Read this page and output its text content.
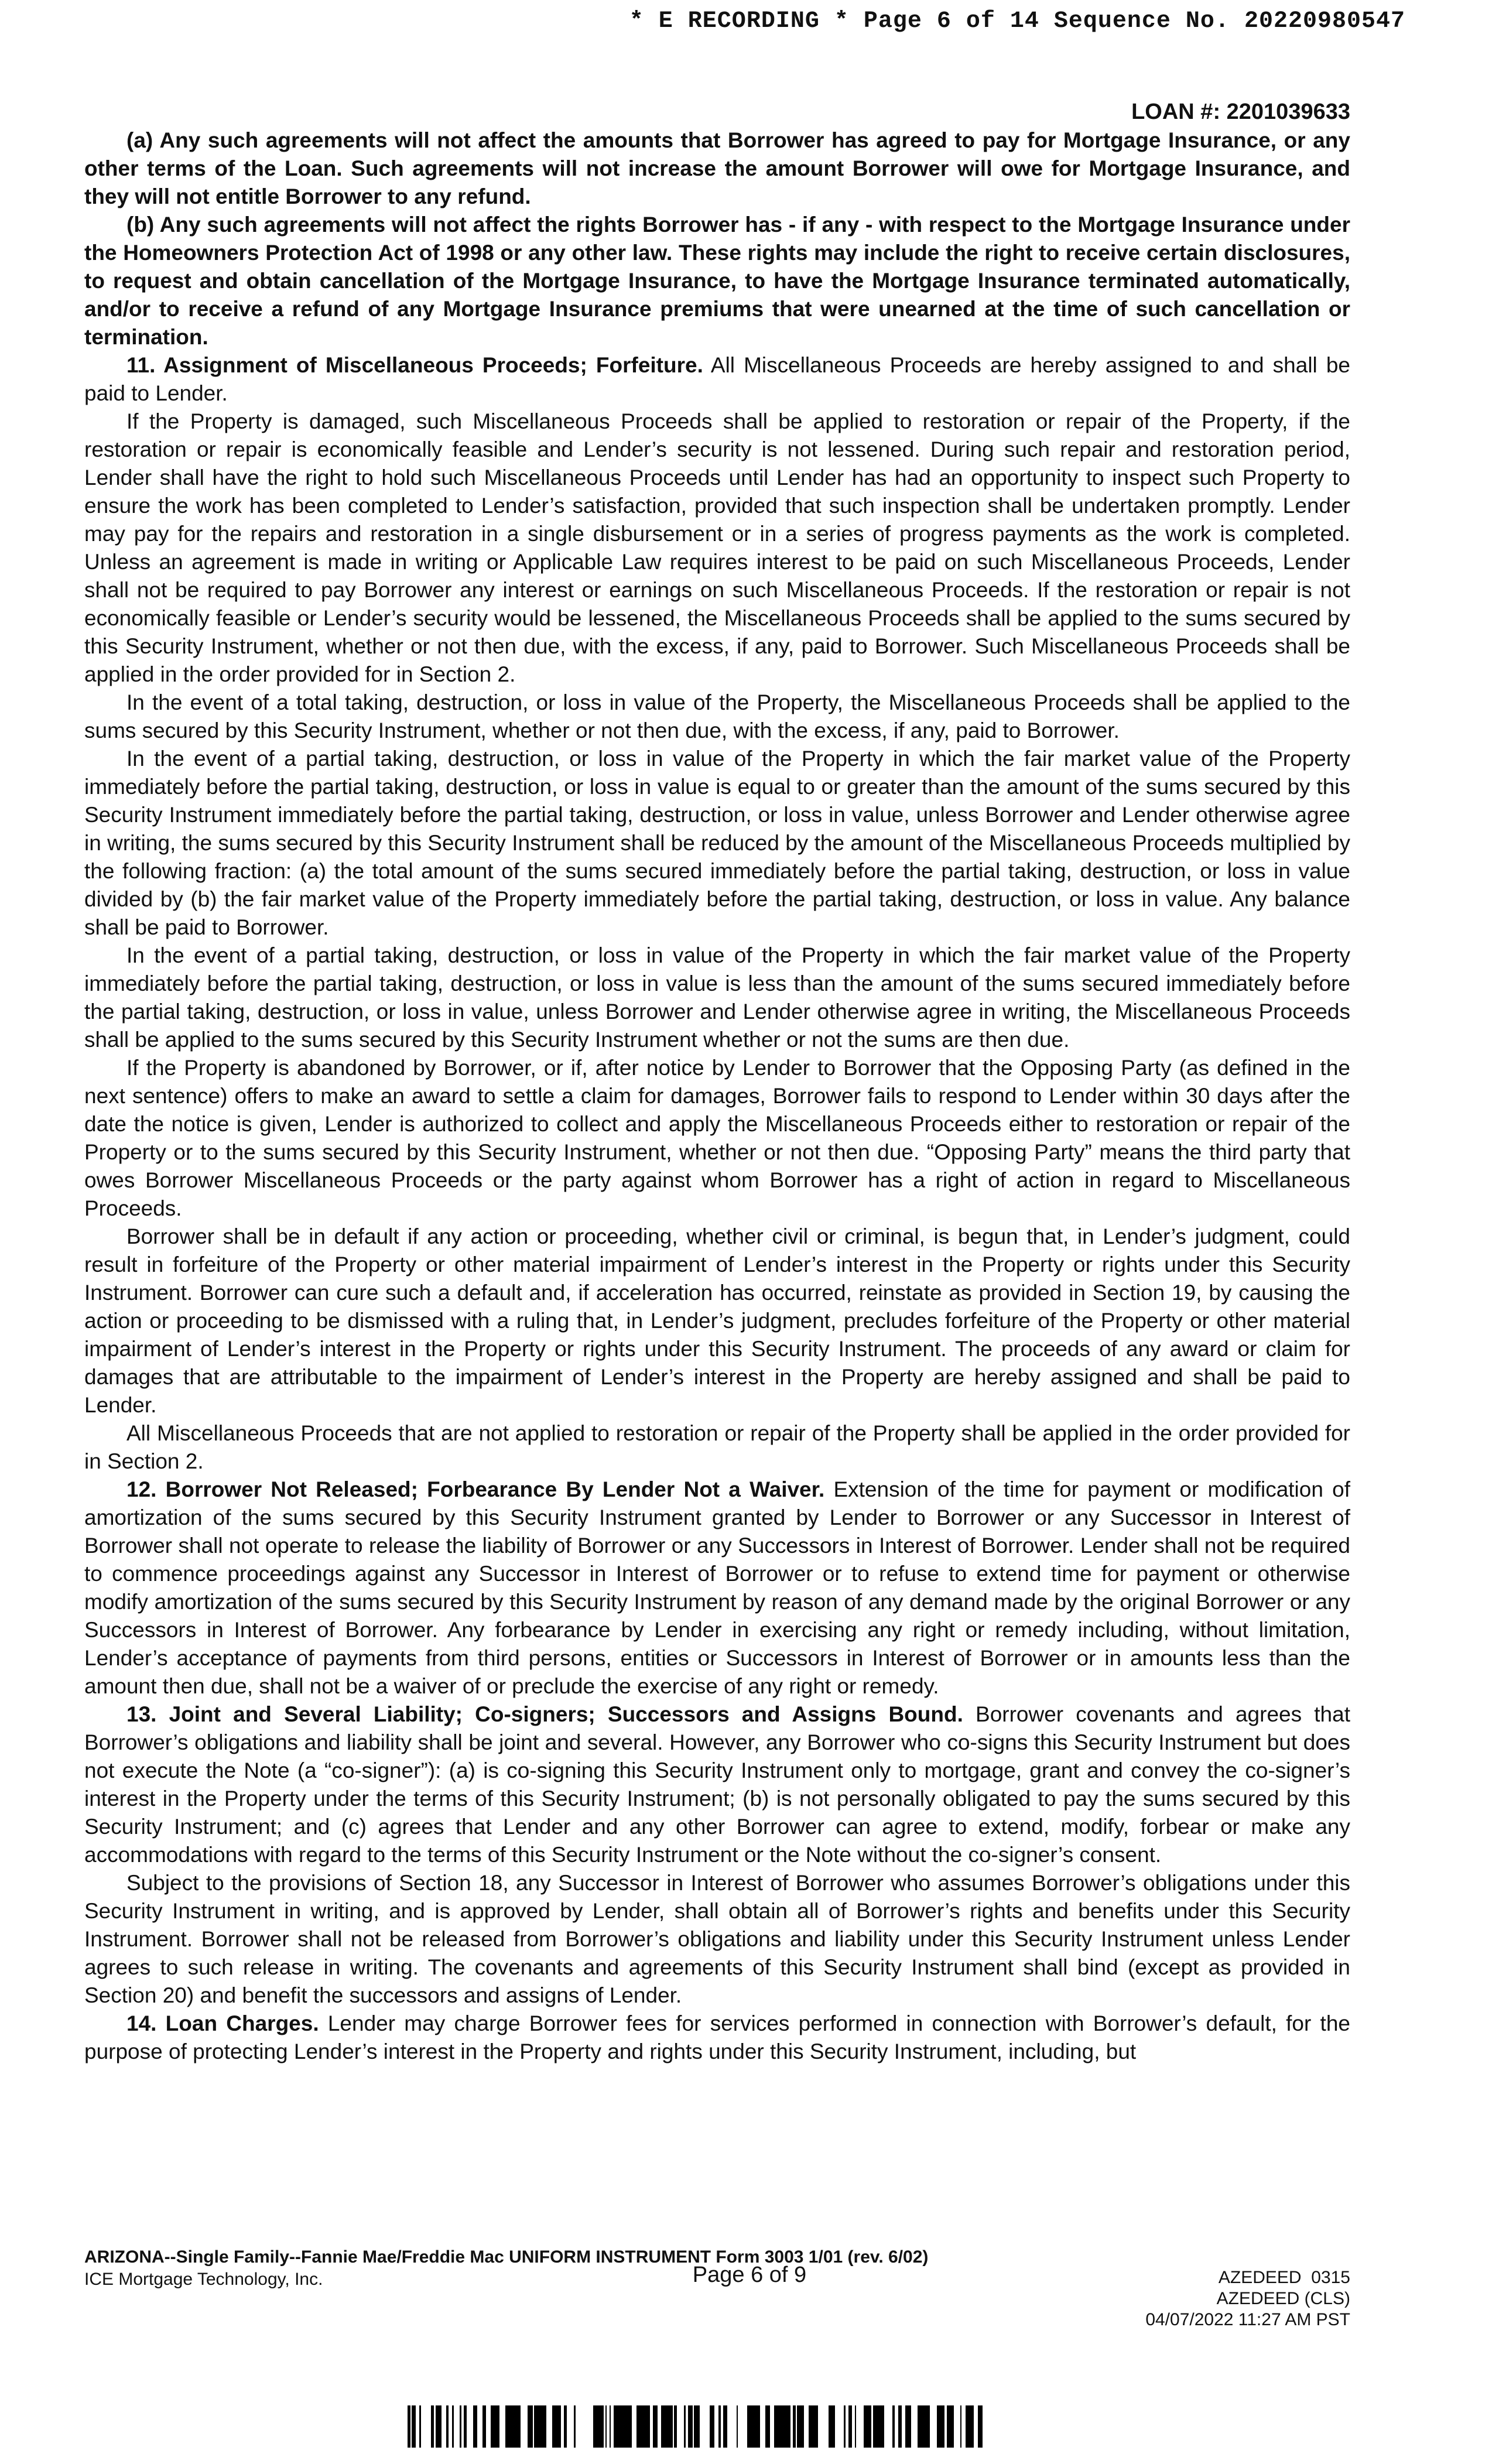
* E RECORDING * Page 6 of 14 Sequence No. 20220980547
LOAN #: 2201039633

(a) Any such agreements will not affect the amounts that Borrower has agreed to pay for Mortgage Insurance, or any other terms of the Loan. Such agreements will not increase the amount Borrower will owe for Mortgage Insurance, and they will not entitle Borrower to any refund.

(b) Any such agreements will not affect the rights Borrower has - if any - with respect to the Mortgage Insurance under the Homeowners Protection Act of 1998 or any other law. These rights may include the right to receive certain disclosures, to request and obtain cancellation of the Mortgage Insurance, to have the Mortgage Insurance terminated automatically, and/or to receive a refund of any Mortgage Insurance premiums that were unearned at the time of such cancellation or termination.

11. Assignment of Miscellaneous Proceeds; Forfeiture. All Miscellaneous Proceeds are hereby assigned to and shall be paid to Lender.

If the Property is damaged, such Miscellaneous Proceeds shall be applied to restoration or repair of the Property, if the restoration or repair is economically feasible and Lender’s security is not lessened. During such repair and restoration period, Lender shall have the right to hold such Miscellaneous Proceeds until Lender has had an opportunity to inspect such Property to ensure the work has been completed to Lender’s satisfaction, provided that such inspection shall be undertaken promptly. Lender may pay for the repairs and restoration in a single disbursement or in a series of progress payments as the work is completed. Unless an agreement is made in writing or Applicable Law requires interest to be paid on such Miscellaneous Proceeds, Lender shall not be required to pay Borrower any interest or earnings on such Miscellaneous Proceeds. If the restoration or repair is not economically feasible or Lender’s security would be lessened, the Miscellaneous Proceeds shall be applied to the sums secured by this Security Instrument, whether or not then due, with the excess, if any, paid to Borrower. Such Miscellaneous Proceeds shall be applied in the order provided for in Section 2.

In the event of a total taking, destruction, or loss in value of the Property, the Miscellaneous Proceeds shall be applied to the sums secured by this Security Instrument, whether or not then due, with the excess, if any, paid to Borrower.

In the event of a partial taking, destruction, or loss in value of the Property in which the fair market value of the Property immediately before the partial taking, destruction, or loss in value is equal to or greater than the amount of the sums secured by this Security Instrument immediately before the partial taking, destruction, or loss in value, unless Borrower and Lender otherwise agree in writing, the sums secured by this Security Instrument shall be reduced by the amount of the Miscellaneous Proceeds multiplied by the following fraction: (a) the total amount of the sums secured immediately before the partial taking, destruction, or loss in value divided by (b) the fair market value of the Property immediately before the partial taking, destruction, or loss in value. Any balance shall be paid to Borrower.

In the event of a partial taking, destruction, or loss in value of the Property in which the fair market value of the Property immediately before the partial taking, destruction, or loss in value is less than the amount of the sums secured immediately before the partial taking, destruction, or loss in value, unless Borrower and Lender otherwise agree in writing, the Miscellaneous Proceeds shall be applied to the sums secured by this Security Instrument whether or not the sums are then due.

If the Property is abandoned by Borrower, or if, after notice by Lender to Borrower that the Opposing Party (as defined in the next sentence) offers to make an award to settle a claim for damages, Borrower fails to respond to Lender within 30 days after the date the notice is given, Lender is authorized to collect and apply the Miscellaneous Proceeds either to restoration or repair of the Property or to the sums secured by this Security Instrument, whether or not then due. “Opposing Party” means the third party that owes Borrower Miscellaneous Proceeds or the party against whom Borrower has a right of action in regard to Miscellaneous Proceeds.

Borrower shall be in default if any action or proceeding, whether civil or criminal, is begun that, in Lender’s judgment, could result in forfeiture of the Property or other material impairment of Lender’s interest in the Property or rights under this Security Instrument. Borrower can cure such a default and, if acceleration has occurred, reinstate as provided in Section 19, by causing the action or proceeding to be dismissed with a ruling that, in Lender’s judgment, precludes forfeiture of the Property or other material impairment of Lender’s interest in the Property or rights under this Security Instrument. The proceeds of any award or claim for damages that are attributable to the impairment of Lender’s interest in the Property are hereby assigned and shall be paid to Lender.

All Miscellaneous Proceeds that are not applied to restoration or repair of the Property shall be applied in the order provided for in Section 2.

12. Borrower Not Released; Forbearance By Lender Not a Waiver. Extension of the time for payment or modification of amortization of the sums secured by this Security Instrument granted by Lender to Borrower or any Successor in Interest of Borrower shall not operate to release the liability of Borrower or any Successors in Interest of Borrower. Lender shall not be required to commence proceedings against any Successor in Interest of Borrower or to refuse to extend time for payment or otherwise modify amortization of the sums secured by this Security Instrument by reason of any demand made by the original Borrower or any Successors in Interest of Borrower. Any forbearance by Lender in exercising any right or remedy including, without limitation, Lender’s acceptance of payments from third persons, entities or Successors in Interest of Borrower or in amounts less than the amount then due, shall not be a waiver of or preclude the exercise of any right or remedy.

13. Joint and Several Liability; Co-signers; Successors and Assigns Bound. Borrower covenants and agrees that Borrower’s obligations and liability shall be joint and several. However, any Borrower who co-signs this Security Instrument but does not execute the Note (a “co-signer”): (a) is co-signing this Security Instrument only to mortgage, grant and convey the co-signer’s interest in the Property under the terms of this Security Instrument; (b) is not personally obligated to pay the sums secured by this Security Instrument; and (c) agrees that Lender and any other Borrower can agree to extend, modify, forbear or make any accommodations with regard to the terms of this Security Instrument or the Note without the co-signer’s consent.

Subject to the provisions of Section 18, any Successor in Interest of Borrower who assumes Borrower’s obligations under this Security Instrument in writing, and is approved by Lender, shall obtain all of Borrower’s rights and benefits under this Security Instrument. Borrower shall not be released from Borrower’s obligations and liability under this Security Instrument unless Lender agrees to such release in writing. The covenants and agreements of this Security Instrument shall bind (except as provided in Section 20) and benefit the successors and assigns of Lender.

14. Loan Charges. Lender may charge Borrower fees for services performed in connection with Borrower’s default, for the purpose of protecting Lender’s interest in the Property and rights under this Security Instrument, including, but

ARIZONA--Single Family--Fannie Mae/Freddie Mac UNIFORM INSTRUMENT Form 3003 1/01 (rev. 6/02)
ICE Mortgage Technology, Inc.	Page 6 of 9	AZEDEED  0315
AZEDEED (CLS)
04/07/2022 11:27 AM PST
